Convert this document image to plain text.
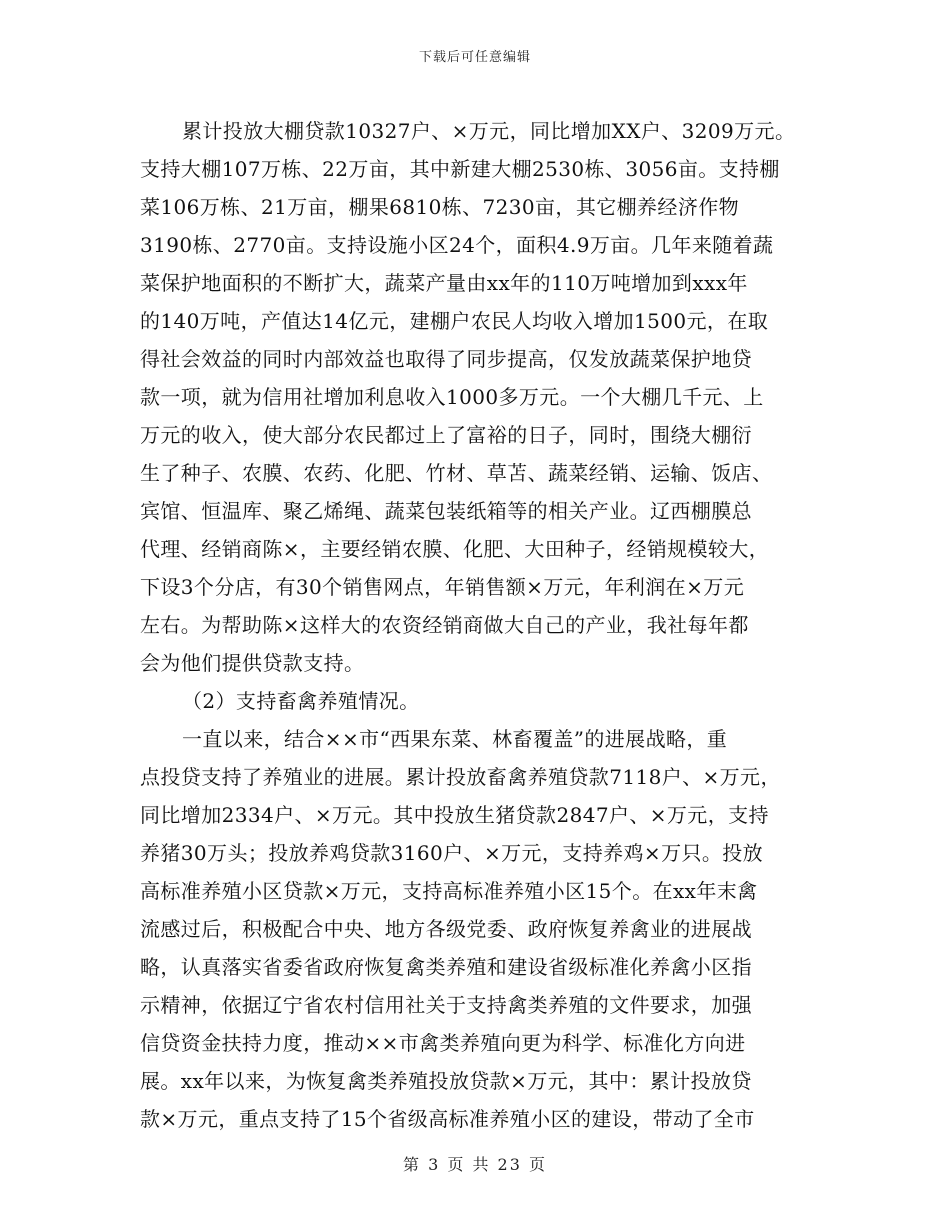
下载后可任意编辑
累计投放大棚贷款10327户、×万元，同比增加XX户、3209万元。
支持大棚107万栋、22万亩，其中新建大棚2530栋、3056亩。支持棚
菜106万栋、21万亩，棚果6810栋、7230亩，其它棚养经济作物
3190栋、2770亩。支持设施小区24个，面积4.9万亩。几年来随着蔬
菜保护地面积的不断扩大，蔬菜产量由xx年的110万吨增加到xxx年
的140万吨，产值达14亿元，建棚户农民人均收入增加1500元，在取
得社会效益的同时内部效益也取得了同步提高，仅发放蔬菜保护地贷
款一项，就为信用社增加利息收入1000多万元。一个大棚几千元、上
万元的收入，使大部分农民都过上了富裕的日子，同时，围绕大棚衍
生了种子、农膜、农药、化肥、竹材、草苫、蔬菜经销、运输、饭店、
宾馆、恒温库、聚乙烯绳、蔬菜包装纸箱等的相关产业。辽西棚膜总
代理、经销商陈×，主要经销农膜、化肥、大田种子，经销规模较大，
下设3个分店，有30个销售网点，年销售额×万元，年利润在×万元
左右。为帮助陈×这样大的农资经销商做大自己的产业，我社每年都
会为他们提供贷款支持。
（2）支持畜禽养殖情况。
一直以来，结合××市“西果东菜、林畜覆盖”的进展战略，重
点投贷支持了养殖业的进展。累计投放畜禽养殖贷款7118户、×万元，
同比增加2334户、×万元。其中投放生猪贷款2847户、×万元，支持
养猪30万头；投放养鸡贷款3160户、×万元，支持养鸡×万只。投放
高标准养殖小区贷款×万元，支持高标准养殖小区15个。在xx年末禽
流感过后，积极配合中央、地方各级党委、政府恢复养禽业的进展战
略，认真落实省委省政府恢复禽类养殖和建设省级标准化养禽小区指
示精神，依据辽宁省农村信用社关于支持禽类养殖的文件要求，加强
信贷资金扶持力度，推动××市禽类养殖向更为科学、标准化方向进
展。xx年以来，为恢复禽类养殖投放贷款×万元，其中：累计投放贷
款×万元，重点支持了15个省级高标准养殖小区的建设，带动了全市
第 3 页 共 23 页
